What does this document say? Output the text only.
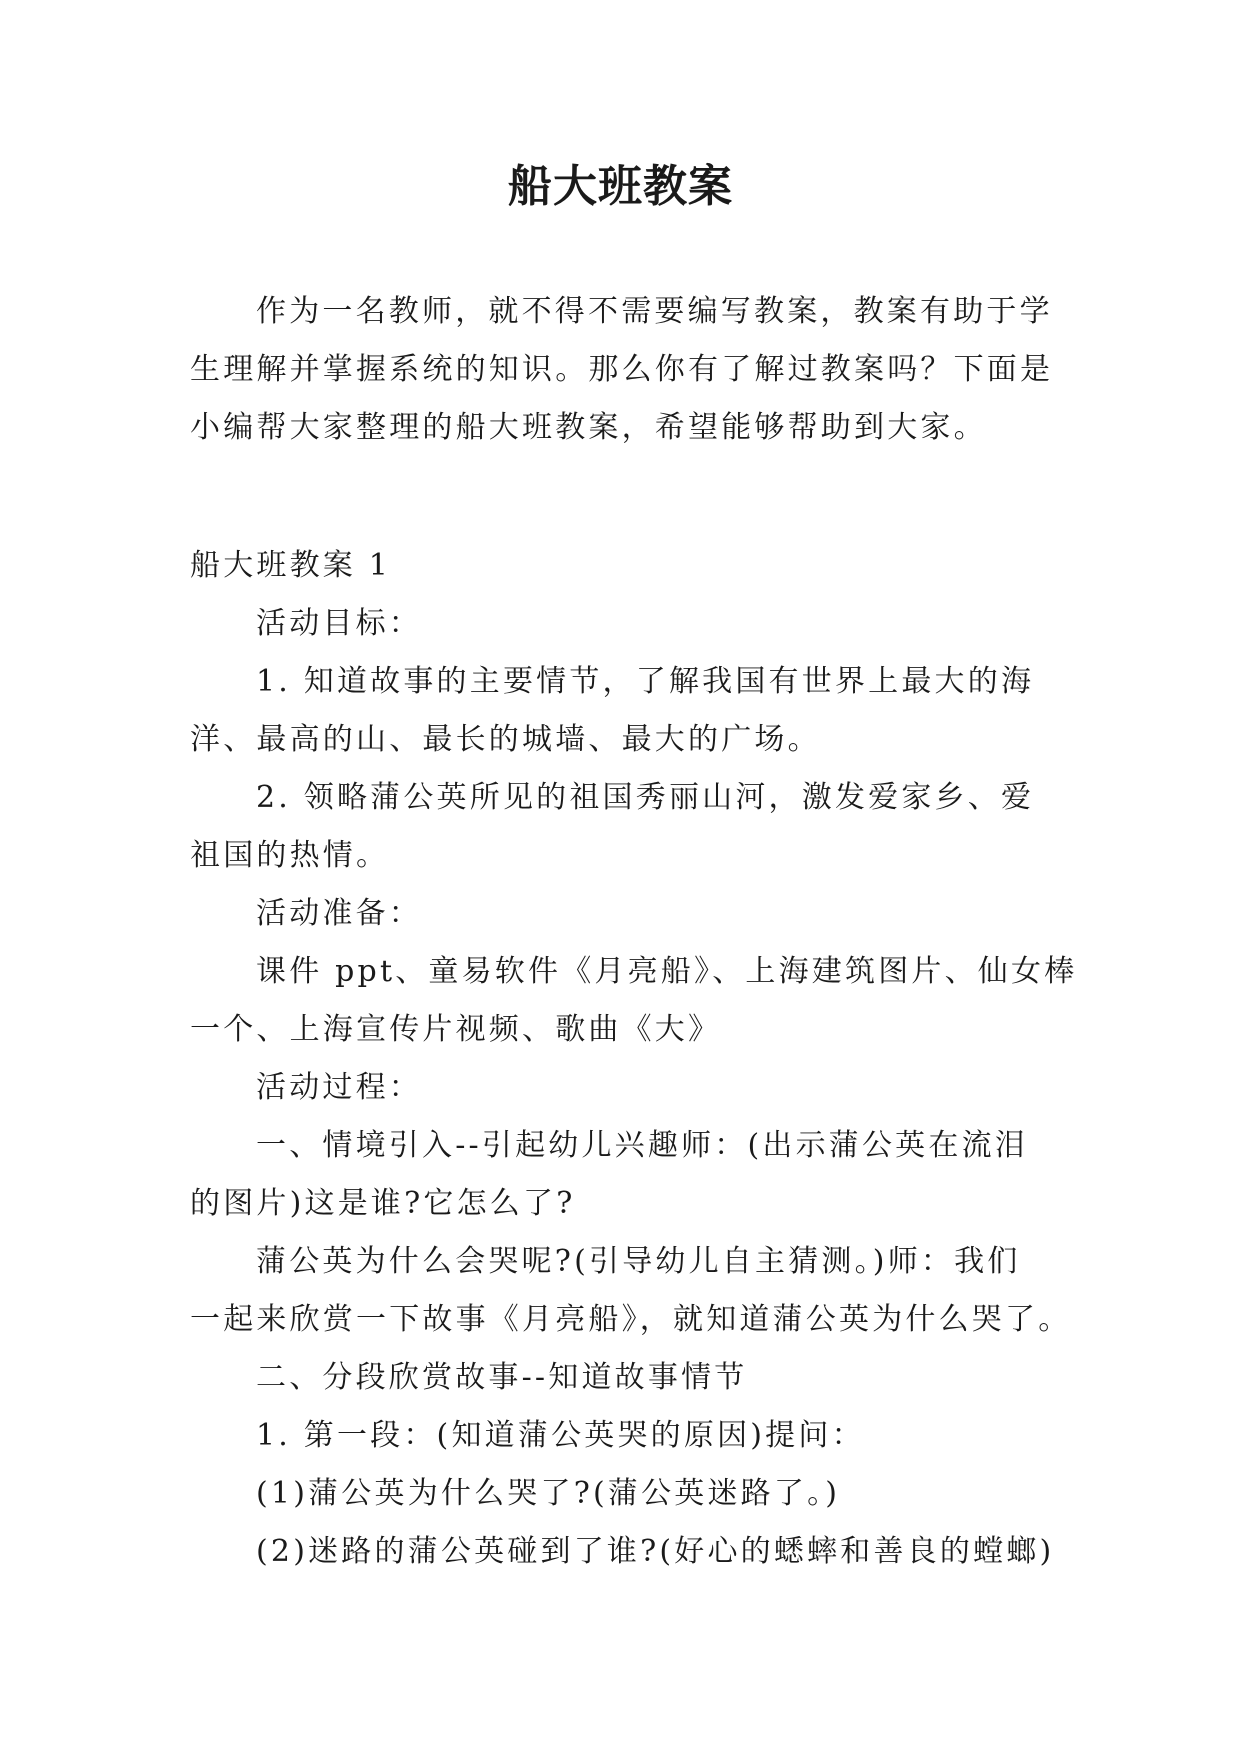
船大班教案

作为一名教师，就不得不需要编写教案，教案有助于学

生理解并掌握系统的知识。那么你有了解过教案吗？下面是

小编帮大家整理的船大班教案，希望能够帮助到大家。

船大班教案 1

活动目标：

1. 知道故事的主要情节，了解我国有世界上最大的海

洋、最高的山、最长的城墙、最大的广场。

2. 领略蒲公英所见的祖国秀丽山河，激发爱家乡、爱

祖国的热情。

活动准备：

课件 ppt、童易软件《月亮船》、上海建筑图片、仙女棒

一个、上海宣传片视频、歌曲《大》

活动过程：

一、情境引入--引起幼儿兴趣师：(出示蒲公英在流泪

的图片)这是谁?它怎么了?

蒲公英为什么会哭呢?(引导幼儿自主猜测。)师：我们

一起来欣赏一下故事《月亮船》，就知道蒲公英为什么哭了。

二、分段欣赏故事--知道故事情节

1. 第一段：(知道蒲公英哭的原因)提问：

(1)蒲公英为什么哭了?(蒲公英迷路了。)

(2)迷路的蒲公英碰到了谁?(好心的蟋蟀和善良的螳螂)
